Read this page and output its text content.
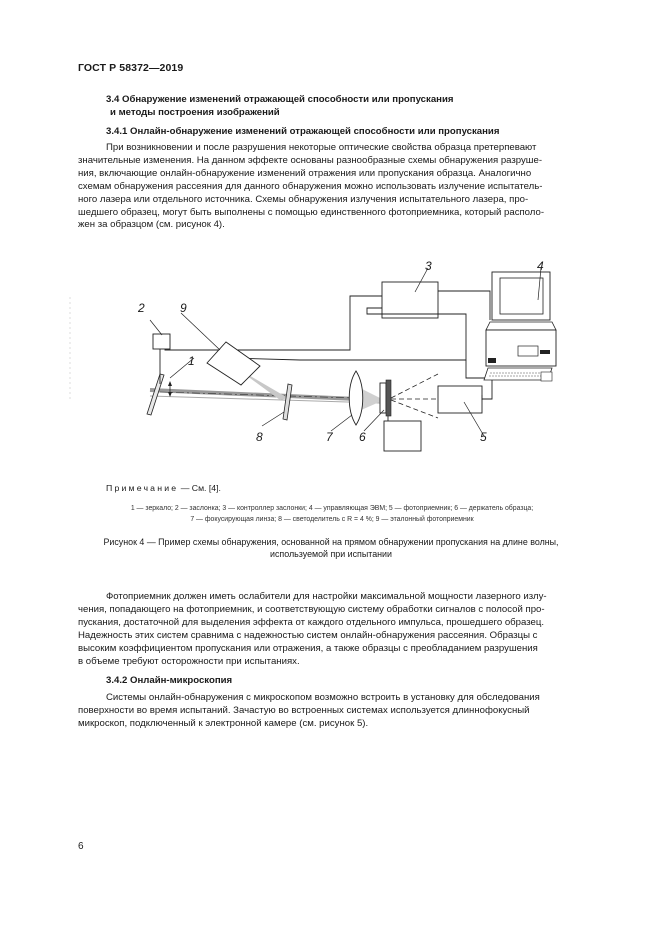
ГОСТ Р 58372—2019
3.4 Обнаружение изменений отражающей способности или пропускания
и методы построения изображений
3.4.1 Онлайн-обнаружение изменений отражающей способности или пропускания
При возникновении и после разрушения некоторые оптические свойства образца претерпевают
значительные изменения. На данном эффекте основаны разнообразные схемы обнаружения разруше-
ния, включающие онлайн-обнаружение изменений отражения или пропускания образца. Аналогично
схемам обнаружения рассеяния для данного обнаружения можно использовать излучение испытатель-
ного лазера или отдельного источника. Схемы обнаружения излучения испытательного лазера, про-
шедшего образец, могут быть выполнены с помощью единственного фотоприемника, который располо-
жен за образцом (см. рисунок 4).
1
2
3	4
5
6
7
8
9
Примечание — См. [4].
1 — зеркало; 2 — заслонка; 3 — контроллер заслонки; 4 — управляющая ЭВМ; 5 — фотоприемник; 6 — держатель образца;
7 — фокусирующая линза; 8 — светоделитель с R = 4 %; 9 — эталонный фотоприемник
Рисунок 4 — Пример схемы обнаружения, основанной на прямом обнаружении пропускания на длине волны,
используемой при испытании
Фотоприемник должен иметь ослабители для настройки максимальной мощности лазерного излу-
чения, попадающего на фотоприемник, и соответствующую систему обработки сигналов с полосой про-
пускания, достаточной для выделения эффекта от каждого отдельного импульса, прошедшего образец.
Надежность этих систем сравнима с надежностью систем онлайн-обнаружения рассеяния. Образцы с
высоким коэффициентом пропускания или отражения, а также образцы с преобладанием разрушения
в объеме требуют осторожности при испытаниях.
3.4.2 Онлайн-микроскопия
Системы онлайн-обнаружения с микроскопом возможно встроить в установку для обследования
поверхности во время испытаний. Зачастую во встроенных системах используется длиннофокусный
микроскоп, подключенный к электронной камере (см. рисунок 5).
6
